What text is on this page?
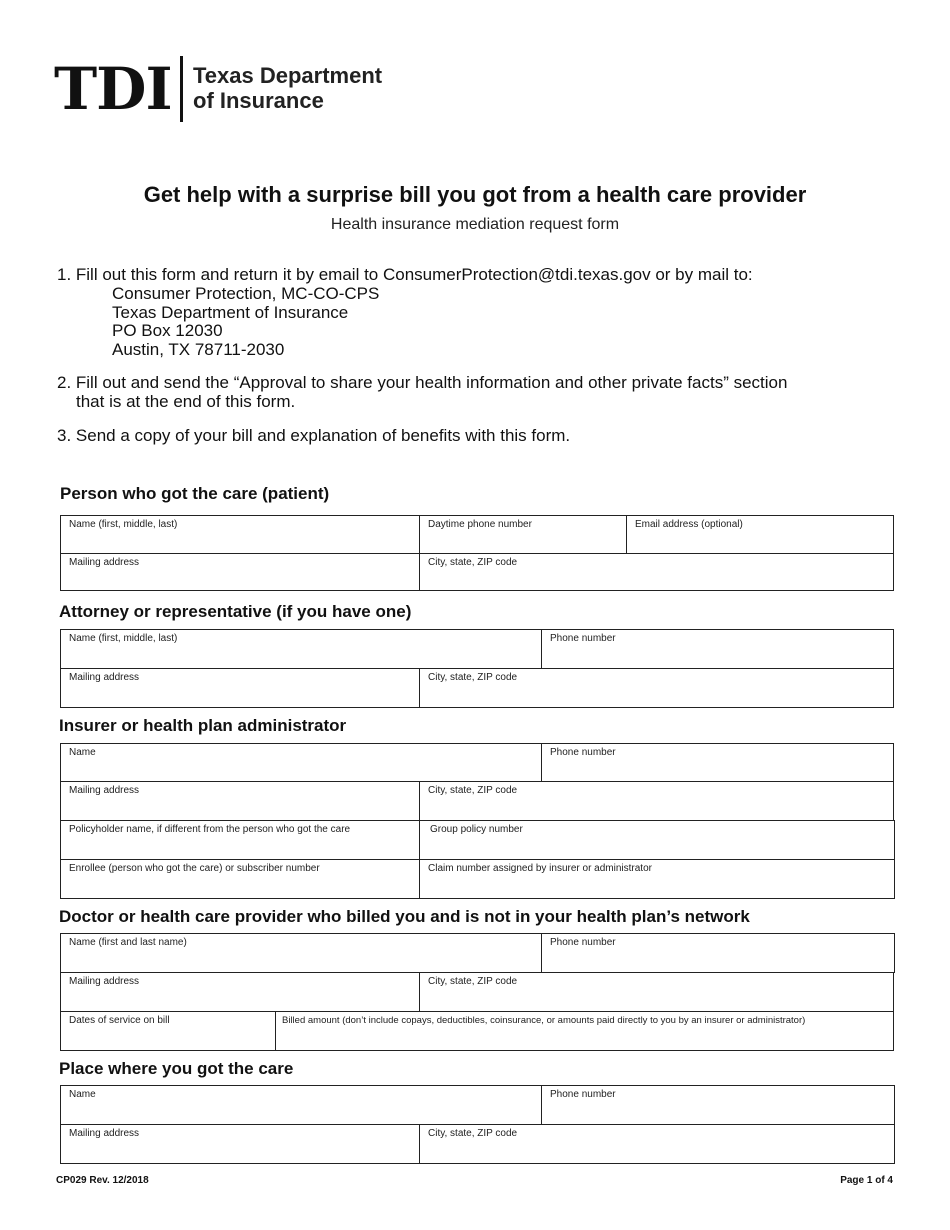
TDI Texas Department
of Insurance
Get help with a surprise bill you got from a health care provider
Health insurance mediation request form
1. Fill out this form and return it by email to ConsumerProtection@tdi.texas.gov or by mail to:
Consumer Protection, MC-CO-CPS
Texas Department of Insurance
PO Box 12030
Austin, TX 78711-2030
2. Fill out and send the “Approval to share your health information and other private facts” section
that is at the end of this form.
3. Send a copy of your bill and explanation of benefits with this form.
Person who got the care (patient)
Name (first, middle, last)	Daytime phone number	Email address (optional)
Mailing address	City, state, ZIP code
Attorney or representative (if you have one)
Name (first, middle, last)	Phone number
Mailing address	City, state, ZIP code
Insurer or health plan administrator
Name	Phone number
Mailing address	City, state, ZIP code
Policyholder name, if different from the person who got the care	Group policy number
Enrollee (person who got the care) or subscriber number	Claim number assigned by insurer or administrator
Doctor or health care provider who billed you and is not in your health plan’s network
Name (first and last name)	Phone number
Mailing address	City, state, ZIP code
Dates of service on bill	Billed amount (don’t include copays, deductibles, coinsurance, or amounts paid directly to you by an insurer or administrator)
Place where you got the care
Name	Phone number
Mailing address	City, state, ZIP code
CP029 Rev. 12/2018	Page 1 of 4
